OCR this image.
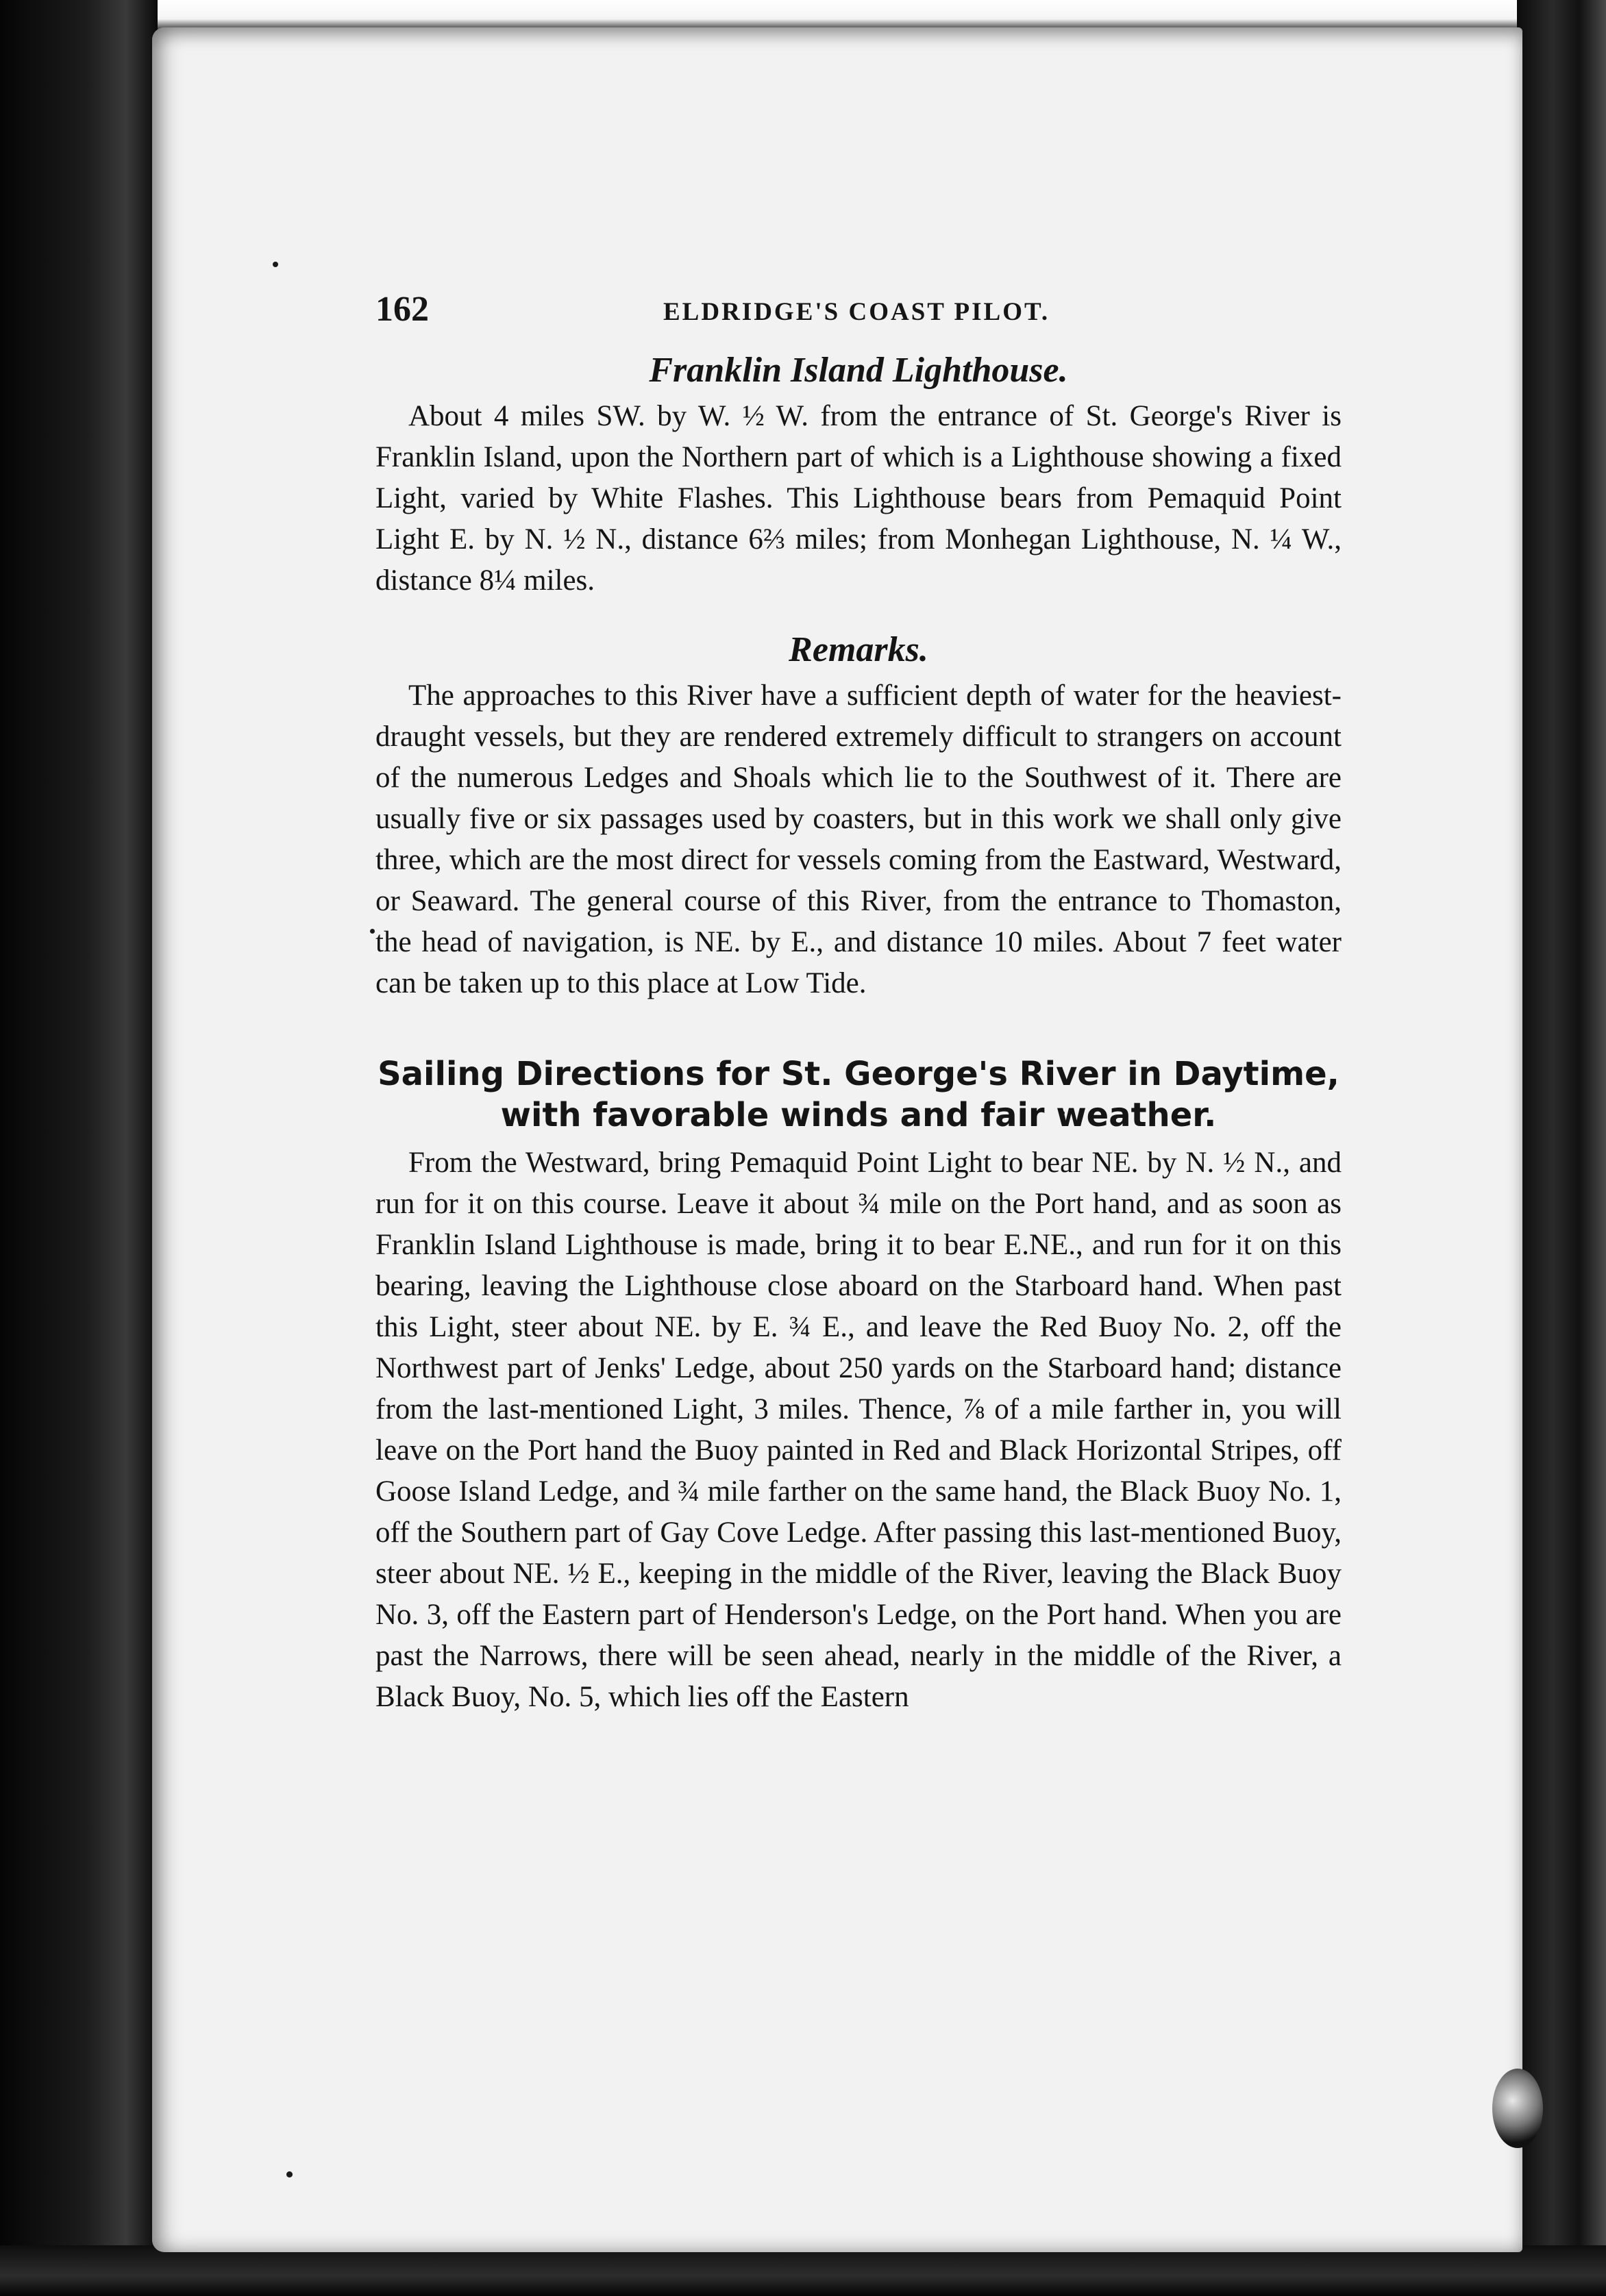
162	ELDRIDGE'S COAST PILOT.
Franklin Island Lighthouse.

About 4 miles SW. by W. ½ W. from the entrance of St. George's River is Franklin Island, upon the Northern part of which is a Lighthouse showing a fixed Light, varied by White Flashes. This Lighthouse bears from Pemaquid Point Light E. by N. ½ N., distance 6⅔ miles; from Monhegan Lighthouse, N. ¼ W., distance 8¼ miles.

Remarks.

The approaches to this River have a sufficient depth of water for the heaviest-draught vessels, but they are rendered extremely difficult to strangers on account of the numerous Ledges and Shoals which lie to the Southwest of it. There are usually five or six passages used by coasters, but in this work we shall only give three, which are the most direct for vessels coming from the Eastward, Westward, or Seaward. The general course of this River, from the entrance to Thomaston, the head of navigation, is NE. by E., and distance 10 miles. About 7 feet water can be taken up to this place at Low Tide.

Sailing Directions for St. George's River in Daytime, with favorable winds and fair weather.

From the Westward, bring Pemaquid Point Light to bear NE. by N. ½ N., and run for it on this course. Leave it about ¾ mile on the Port hand, and as soon as Franklin Island Lighthouse is made, bring it to bear E.NE., and run for it on this bearing, leaving the Lighthouse close aboard on the Starboard hand. When past this Light, steer about NE. by E. ¾ E., and leave the Red Buoy No. 2, off the Northwest part of Jenks' Ledge, about 250 yards on the Starboard hand; distance from the last-mentioned Light, 3 miles. Thence, ⅞ of a mile farther in, you will leave on the Port hand the Buoy painted in Red and Black Horizontal Stripes, off Goose Island Ledge, and ¾ mile farther on the same hand, the Black Buoy No. 1, off the Southern part of Gay Cove Ledge. After passing this last-mentioned Buoy, steer about NE. ½ E., keeping in the middle of the River, leaving the Black Buoy No. 3, off the Eastern part of Henderson's Ledge, on the Port hand. When you are past the Narrows, there will be seen ahead, nearly in the middle of the River, a Black Buoy, No. 5, which lies off the Eastern
